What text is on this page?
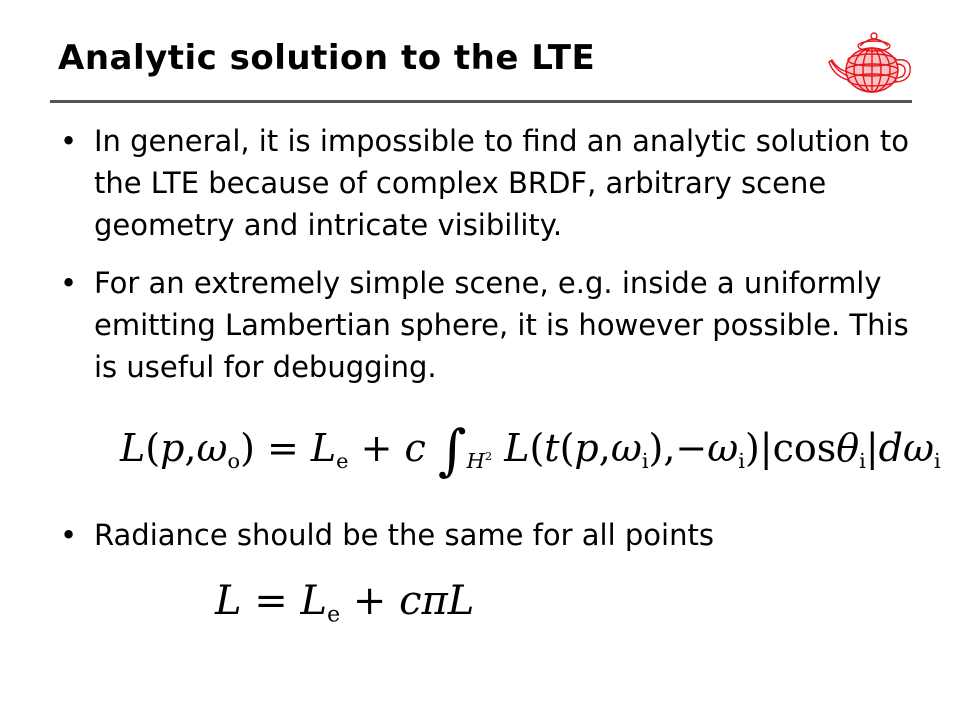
Analytic solution to the LTE
• In general, it is impossible to find an analytic solution to the LTE because of complex BRDF, arbitrary scene geometry and intricate visibility.
• For an extremely simple scene, e.g. inside a uniformly emitting Lambertian sphere, it is however possible. This is useful for debugging.
$L(p,\omega_o) = L_e + c$ $\int_{H^2}$ $L(t(p,\omega_i),-\omega_i)|\cos\theta_i|d\omega_i$
• Radiance should be the same for all points
$L = L_e + c\pi L$
